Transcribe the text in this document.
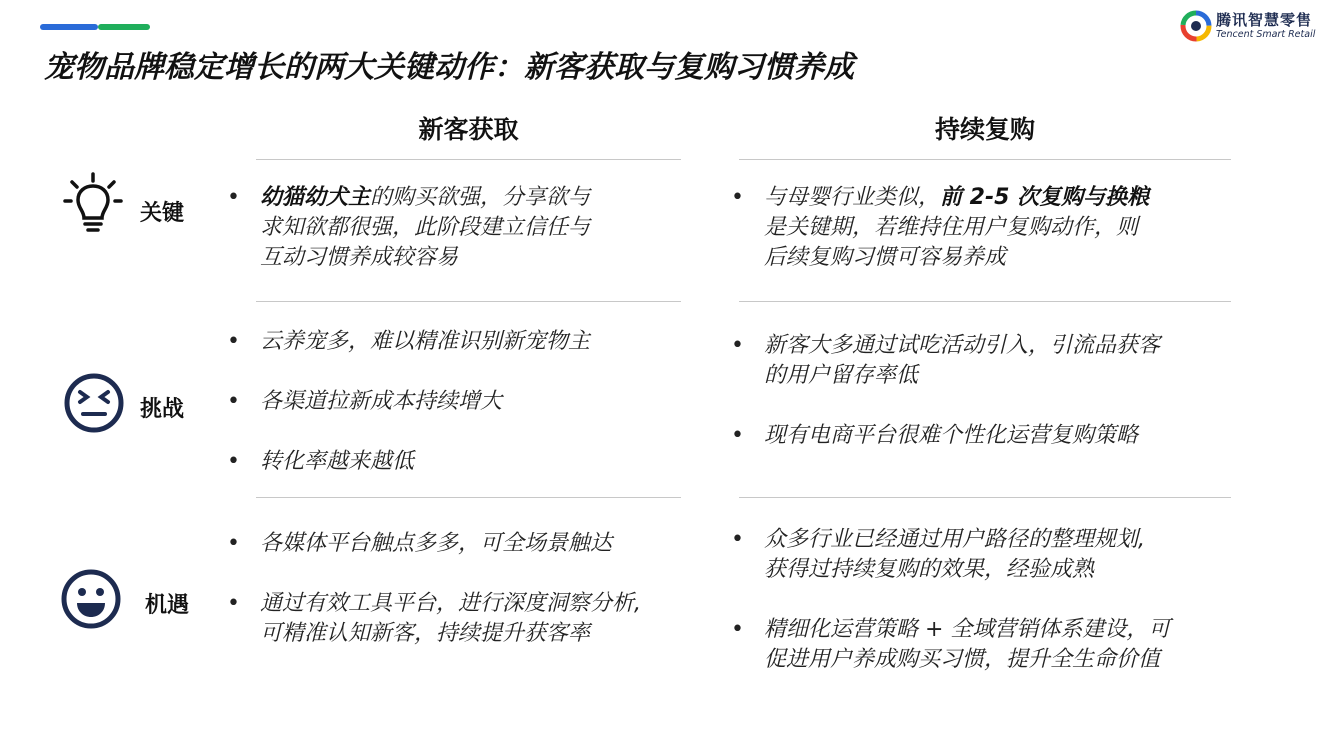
宠物品牌稳定增长的两大关键动作：新客获取与复购习惯养成
腾讯智慧零售
Tencent Smart Retail
新客获取	持续复购
关键
• 幼猫幼犬主的购买欲强，分享欲与
求知欲都很强，此阶段建立信任与
互动习惯养成较容易
• 与母婴行业类似，前 2-5 次复购与换粮
是关键期，若维持住用户复购动作，则
后续复购习惯可容易养成
挑战
• 云养宠多，难以精准识别新宠物主
• 各渠道拉新成本持续增大
• 转化率越来越低
• 新客大多通过试吃活动引入，引流品获客
的用户留存率低
• 现有电商平台很难个性化运营复购策略
机遇
• 各媒体平台触点多多，可全场景触达
• 通过有效工具平台，进行深度洞察分析,
可精准认知新客，持续提升获客率
• 众多行业已经通过用户路径的整理规划,
获得过持续复购的效果，经验成熟
• 精细化运营策略 + 全域营销体系建设，可
促进用户养成购买习惯，提升全生命价值
